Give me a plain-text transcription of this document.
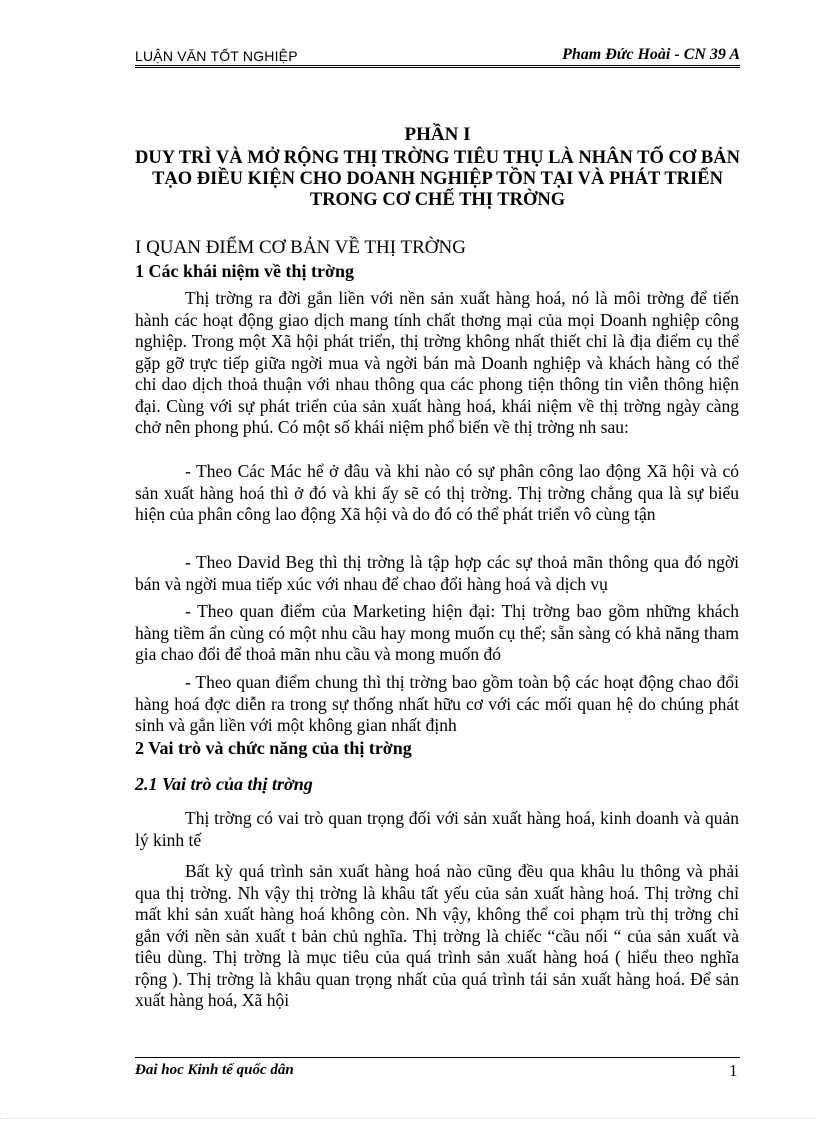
LUẬN VĂN TỐT NGHIỆP	Pham Đức Hoài - CN 39 A
PHẦN I
DUY TRÌ VÀ MỞ RỘNG THỊ TRỜNG TIÊU THỤ LÀ NHÂN TỐ CƠ BẢN TẠO ĐIỀU KIỆN CHO DOANH NGHIỆP TỒN TẠI VÀ PHÁT TRIỂN TRONG CƠ CHẾ THỊ TRỜNG
I QUAN ĐIỂM CƠ BẢN VỀ THỊ TRỜNG
1 Các khái niệm về thị trờng

Thị trờng ra đời gắn liền với nền sản xuất hàng hoá, nó là môi trờng để tiến hành các hoạt động giao dịch mang tính chất thơng mại của mọi Doanh nghiệp công nghiệp. Trong một Xã hội phát triển, thị trờng không nhất thiết chỉ là địa điểm cụ thể gặp gỡ trực tiếp giữa ngời mua và ngời bán mà Doanh nghiệp và khách hàng có thể chỉ dao dịch thoả thuận với nhau thông qua các phong tiện thông tin viễn thông hiện đại. Cùng với sự phát triển của sản xuất hàng hoá, khái niệm về thị trờng ngày càng chở nên phong phú. Có một số khái niệm phổ biến về thị trờng nh sau:

- Theo Các Mác hể ở đâu và khi nào có sự phân công lao động Xã hội và có sản xuất hàng hoá thì ở đó và khi ấy sẽ có thị trờng. Thị trờng chẳng qua là sự biểu hiện của phân công lao động Xã hội và do đó có thể phát triển vô cùng tận

- Theo David Beg thì thị trờng là tập hợp các sự thoả mãn thông qua đó ngời bán và ngời mua tiếp xúc với nhau để chao đổi hàng hoá và dịch vụ

- Theo quan điểm của Marketing hiện đại: Thị trờng bao gồm những khách hàng tiềm ẩn cùng có một nhu cầu hay mong muốn cụ thể; sẵn sàng có khả năng tham gia chao đổi để thoả mãn nhu cầu và mong muốn đó

- Theo quan điểm chung thì thị trờng bao gồm toàn bộ các hoạt động chao đổi hàng hoá đợc diễn ra trong sự thống nhất hữu cơ với các mối quan hệ do chúng phát sinh và gắn liền với một không gian nhất định

2 Vai trò và chức năng của thị trờng
2.1 Vai trò của thị trờng

Thị trờng có vai trò quan trọng đối với sản xuất hàng hoá, kinh doanh và quản lý kinh tế

Bất kỳ quá trình sản xuất hàng hoá nào cũng đều qua khâu lu thông và phải qua thị trờng. Nh vậy thị trờng là khâu tất yếu của sản xuất hàng hoá. Thị trờng chỉ mất khi sản xuất hàng hoá không còn. Nh vậy, không thể coi phạm trù thị trờng chỉ gắn với nền sản xuất t bản chủ nghĩa. Thị trờng là chiếc “cầu nối “ của sản xuất và tiêu dùng. Thị trờng là mục tiêu của quá trình sản xuất hàng hoá ( hiểu theo nghĩa rộng ). Thị trờng là khâu quan trọng nhất của quá trình tái sản xuất hàng hoá. Để sản xuất hàng hoá, Xã hội

Đai hoc Kinh tế quốc dân	1
